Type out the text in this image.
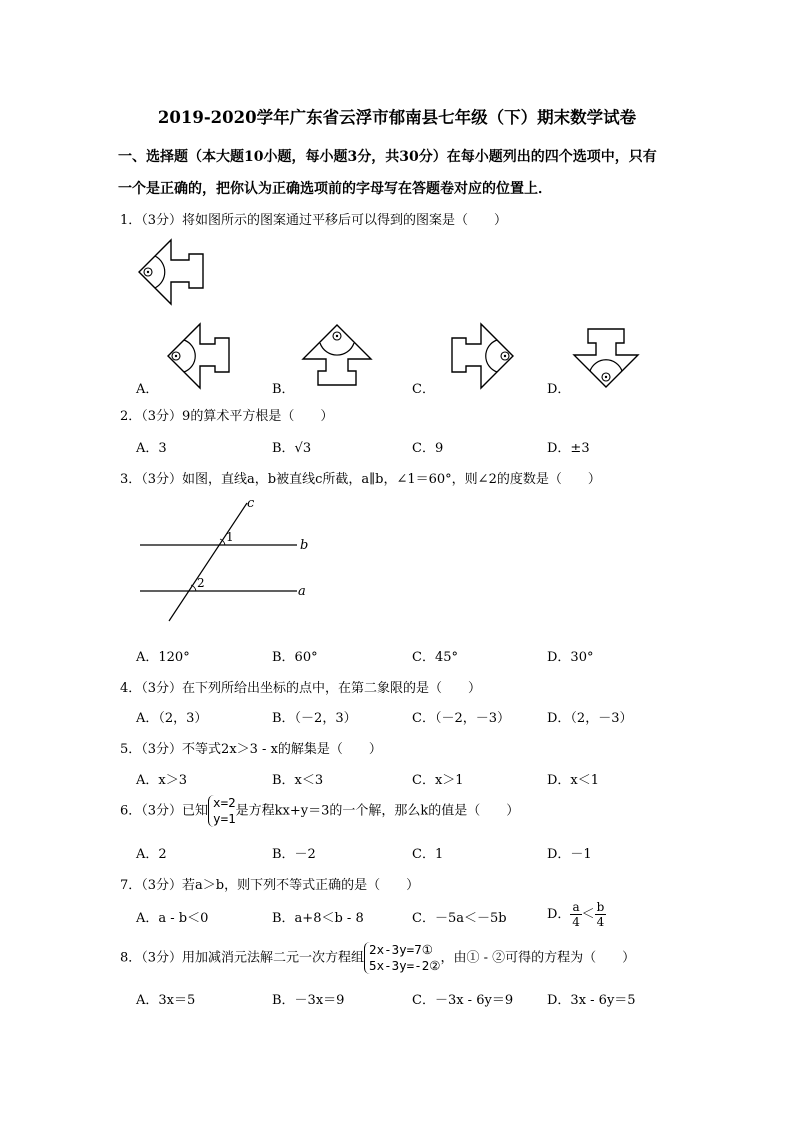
2019-2020学年广东省云浮市郁南县七年级（下）期末数学试卷
一、选择题（本大题10小题，每小题3分，共30分）在每小题列出的四个选项中，只有
一个是正确的，把你认为正确选项前的字母写在答题卷对应的位置上．
1．（3分）将如图所示的图案通过平移后可以得到的图案是（　　）
A．	B．	C．	D．
2．（3分）9的算术平方根是（　　）
A．3	B．√3	C．9	D．±3
3．（3分）如图，直线a，b被直线c所截，a∥b，∠1＝60°，则∠2的度数是（　　）
c
b
a
1
2
A．120°	B．60°	C．45°	D．30°
4．（3分）在下列所给出坐标的点中，在第二象限的是（　　）
A．（2，3）	B．（－2，3）	C．（－2，－3）	D．（2，－3）
5．（3分）不等式2x＞3 - x的解集是（　　）
A．x＞3	B．x＜3	C．x＞1	D．x＜1
6．（3分）已知
x=2
y=1 是方程kx+y＝3的一个解，那么k的值是（　　）
A．2	B．－2	C．1	D．－1
7．（3分）若a＞b，则下列不等式正确的是（　　）
A．a - b＜0	B．a+8＜b - 8	C．－5a＜－5b	D． $\frac{a}{4} < \frac{b}{4}$
8．（3分）用加减消元法解二元一次方程组
2x-3y=7①
5x-3y=-2② ，由① - ②可得的方程为（　　）
A．3x＝5	B．－3x＝9	C．－3x - 6y＝9	D．3x - 6y＝5
